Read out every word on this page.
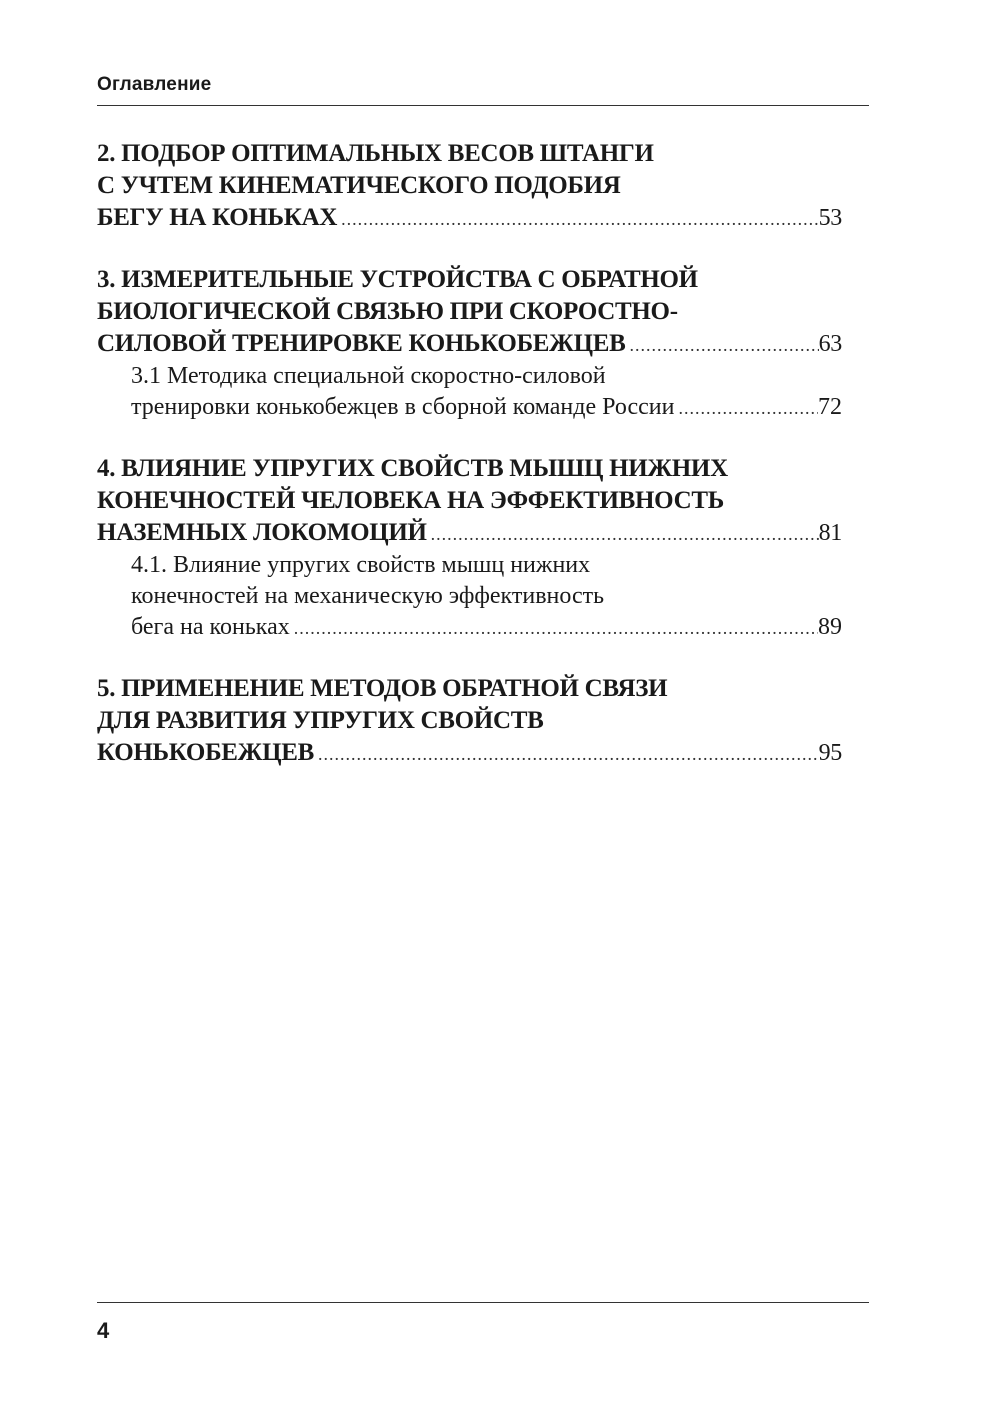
Оглавление
2. ПОДБОР ОПТИМАЛЬНЫХ ВЕСОВ ШТАНГИ
С УЧТЕМ КИНЕМАТИЧЕСКОГО ПОДОБИЯ
БЕГУ НА КОНЬКАХ .....	53
3. ИЗМЕРИТЕЛЬНЫЕ УСТРОЙСТВА С ОБРАТНОЙ
БИОЛОГИЧЕСКОЙ СВЯЗЬЮ ПРИ СКОРОСТНО-
СИЛОВОЙ ТРЕНИРОВКЕ КОНЬКОБЕЖЦЕВ .....	63
3.1 Методика специальной скоростно-силовой
тренировки конькобежцев в сборной команде России .....	72
4. ВЛИЯНИЕ УПРУГИХ СВОЙСТВ МЫШЦ НИЖНИХ
КОНЕЧНОСТЕЙ ЧЕЛОВЕКА НА ЭФФЕКТИВНОСТЬ
НАЗЕМНЫХ ЛОКОМОЦИЙ .....	81
4.1. Влияние упругих свойств мышц нижних
конечностей на механическую эффективность
бега на коньках .....	89
5. ПРИМЕНЕНИЕ МЕТОДОВ ОБРАТНОЙ СВЯЗИ
ДЛЯ РАЗВИТИЯ УПРУГИХ СВОЙСТВ
КОНЬКОБЕЖЦЕВ .....	95
4
